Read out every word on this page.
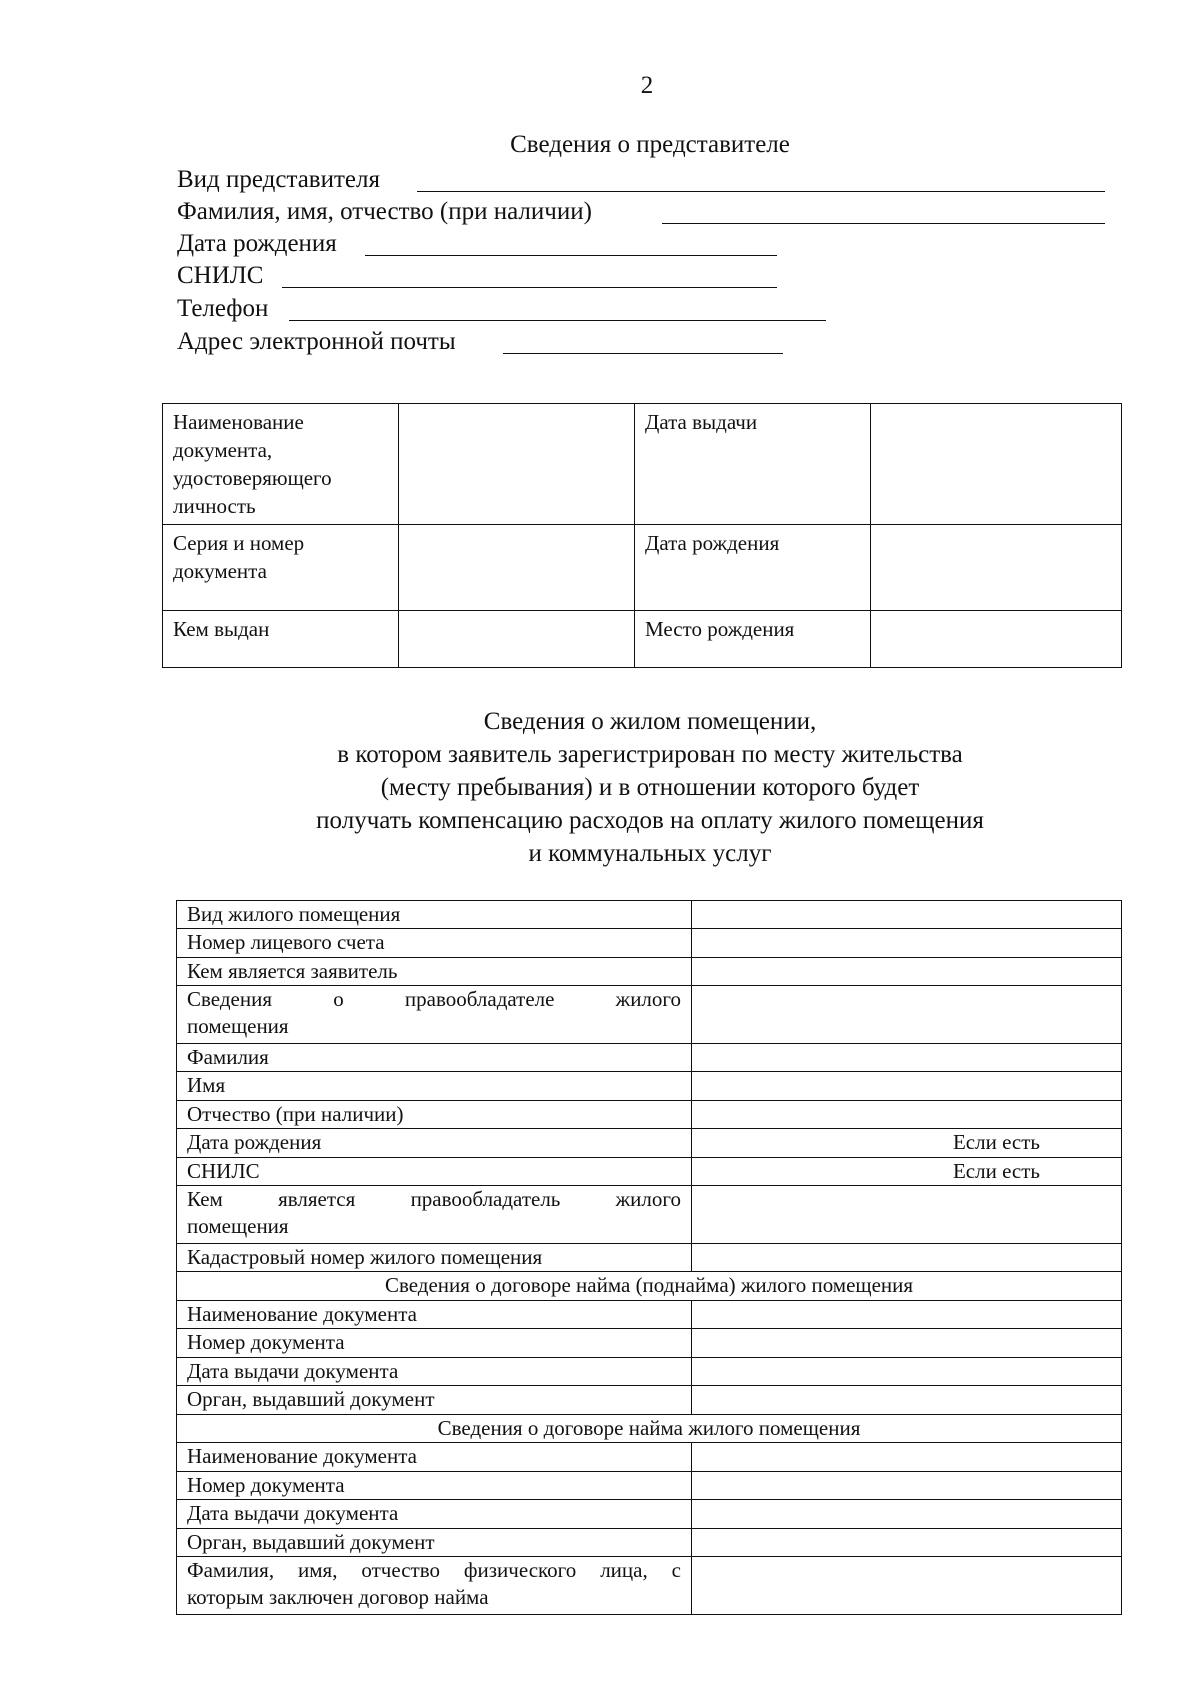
2
Сведения о представителе
Вид представителя
Фамилия, имя, отчество (при наличии)
Дата рождения
СНИЛС
Телефон
Адрес электронной почты
Наименование документа, удостоверяющего личность		Дата выдачи	

Серия и номер документа		Дата рождения	
Кем выдан		Место рождения	
Сведения о жилом помещении,
в котором заявитель зарегистрирован по месту жительства
(месту пребывания) и в отношении которого будет
получать компенсацию расходов на оплату жилого помещения
и коммунальных услуг
Вид жилого помещения	
Номер лицевого счета	
Кем является заявитель	

Сведения о правообладателе жилого
помещения	

Фамилия	
Имя	
Отчество (при наличии)	
Дата рождения	Если есть
СНИЛС	Если есть

Кем является правообладатель жилого
помещения	

Кадастровый номер жилого помещения	
Сведения о договоре найма (поднайма) жилого помещения	
Наименование документа	
Номер документа	
Дата выдачи документа	
Орган, выдавший документ	
Сведения о договоре найма жилого помещения	
Наименование документа	
Номер документа	
Дата выдачи документа	
Орган, выдавший документ	

Фамилия, имя, отчество физического лица, с
которым заключен договор найма	
